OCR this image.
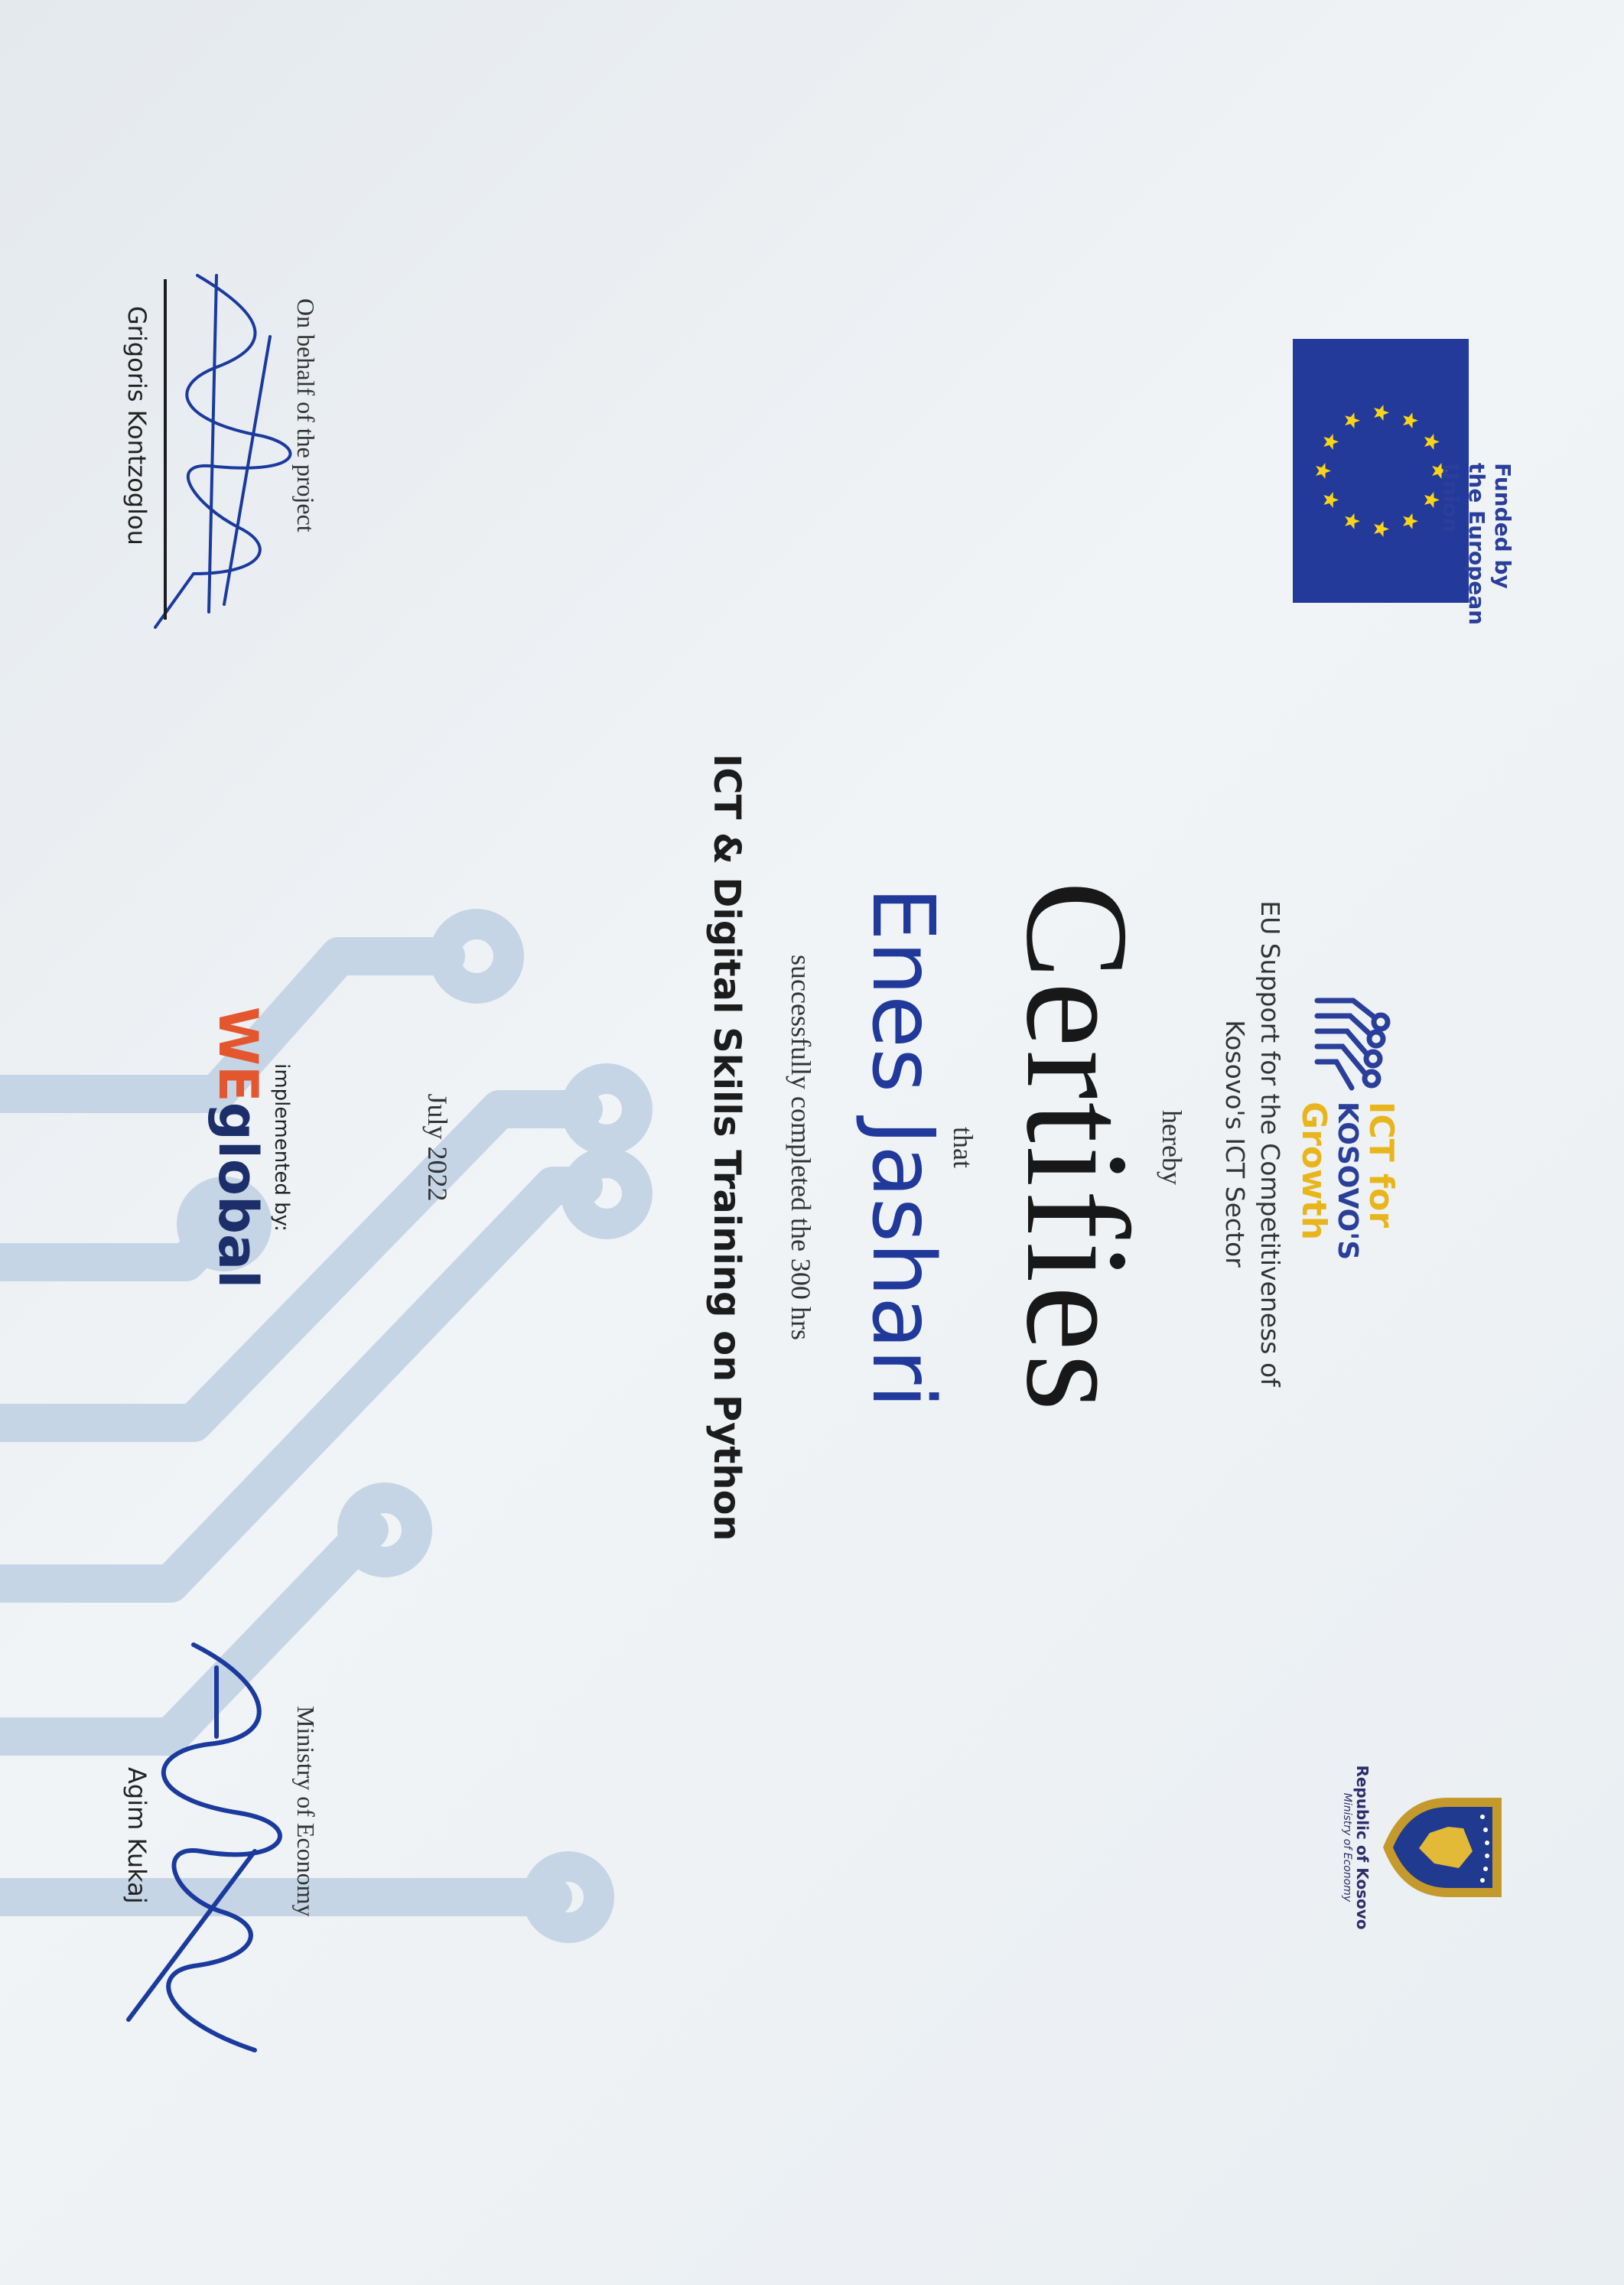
Funded by
the European Union
ICT for
KOSOVO'S
Growth
EU Support for the Competitiveness of
Kosovo's ICT Sector
Republic of Kosovo
Ministry of Economy
hereby
Certifies
that
Enes Jashari
successfully completed the 300 hrs
ICT & Digital Skills Training on Python
July 2022
implemented by:
WEglobal
On behalf of the project
Grigoris Kontzoglou
Ministry of Economy
Agim Kukaj
